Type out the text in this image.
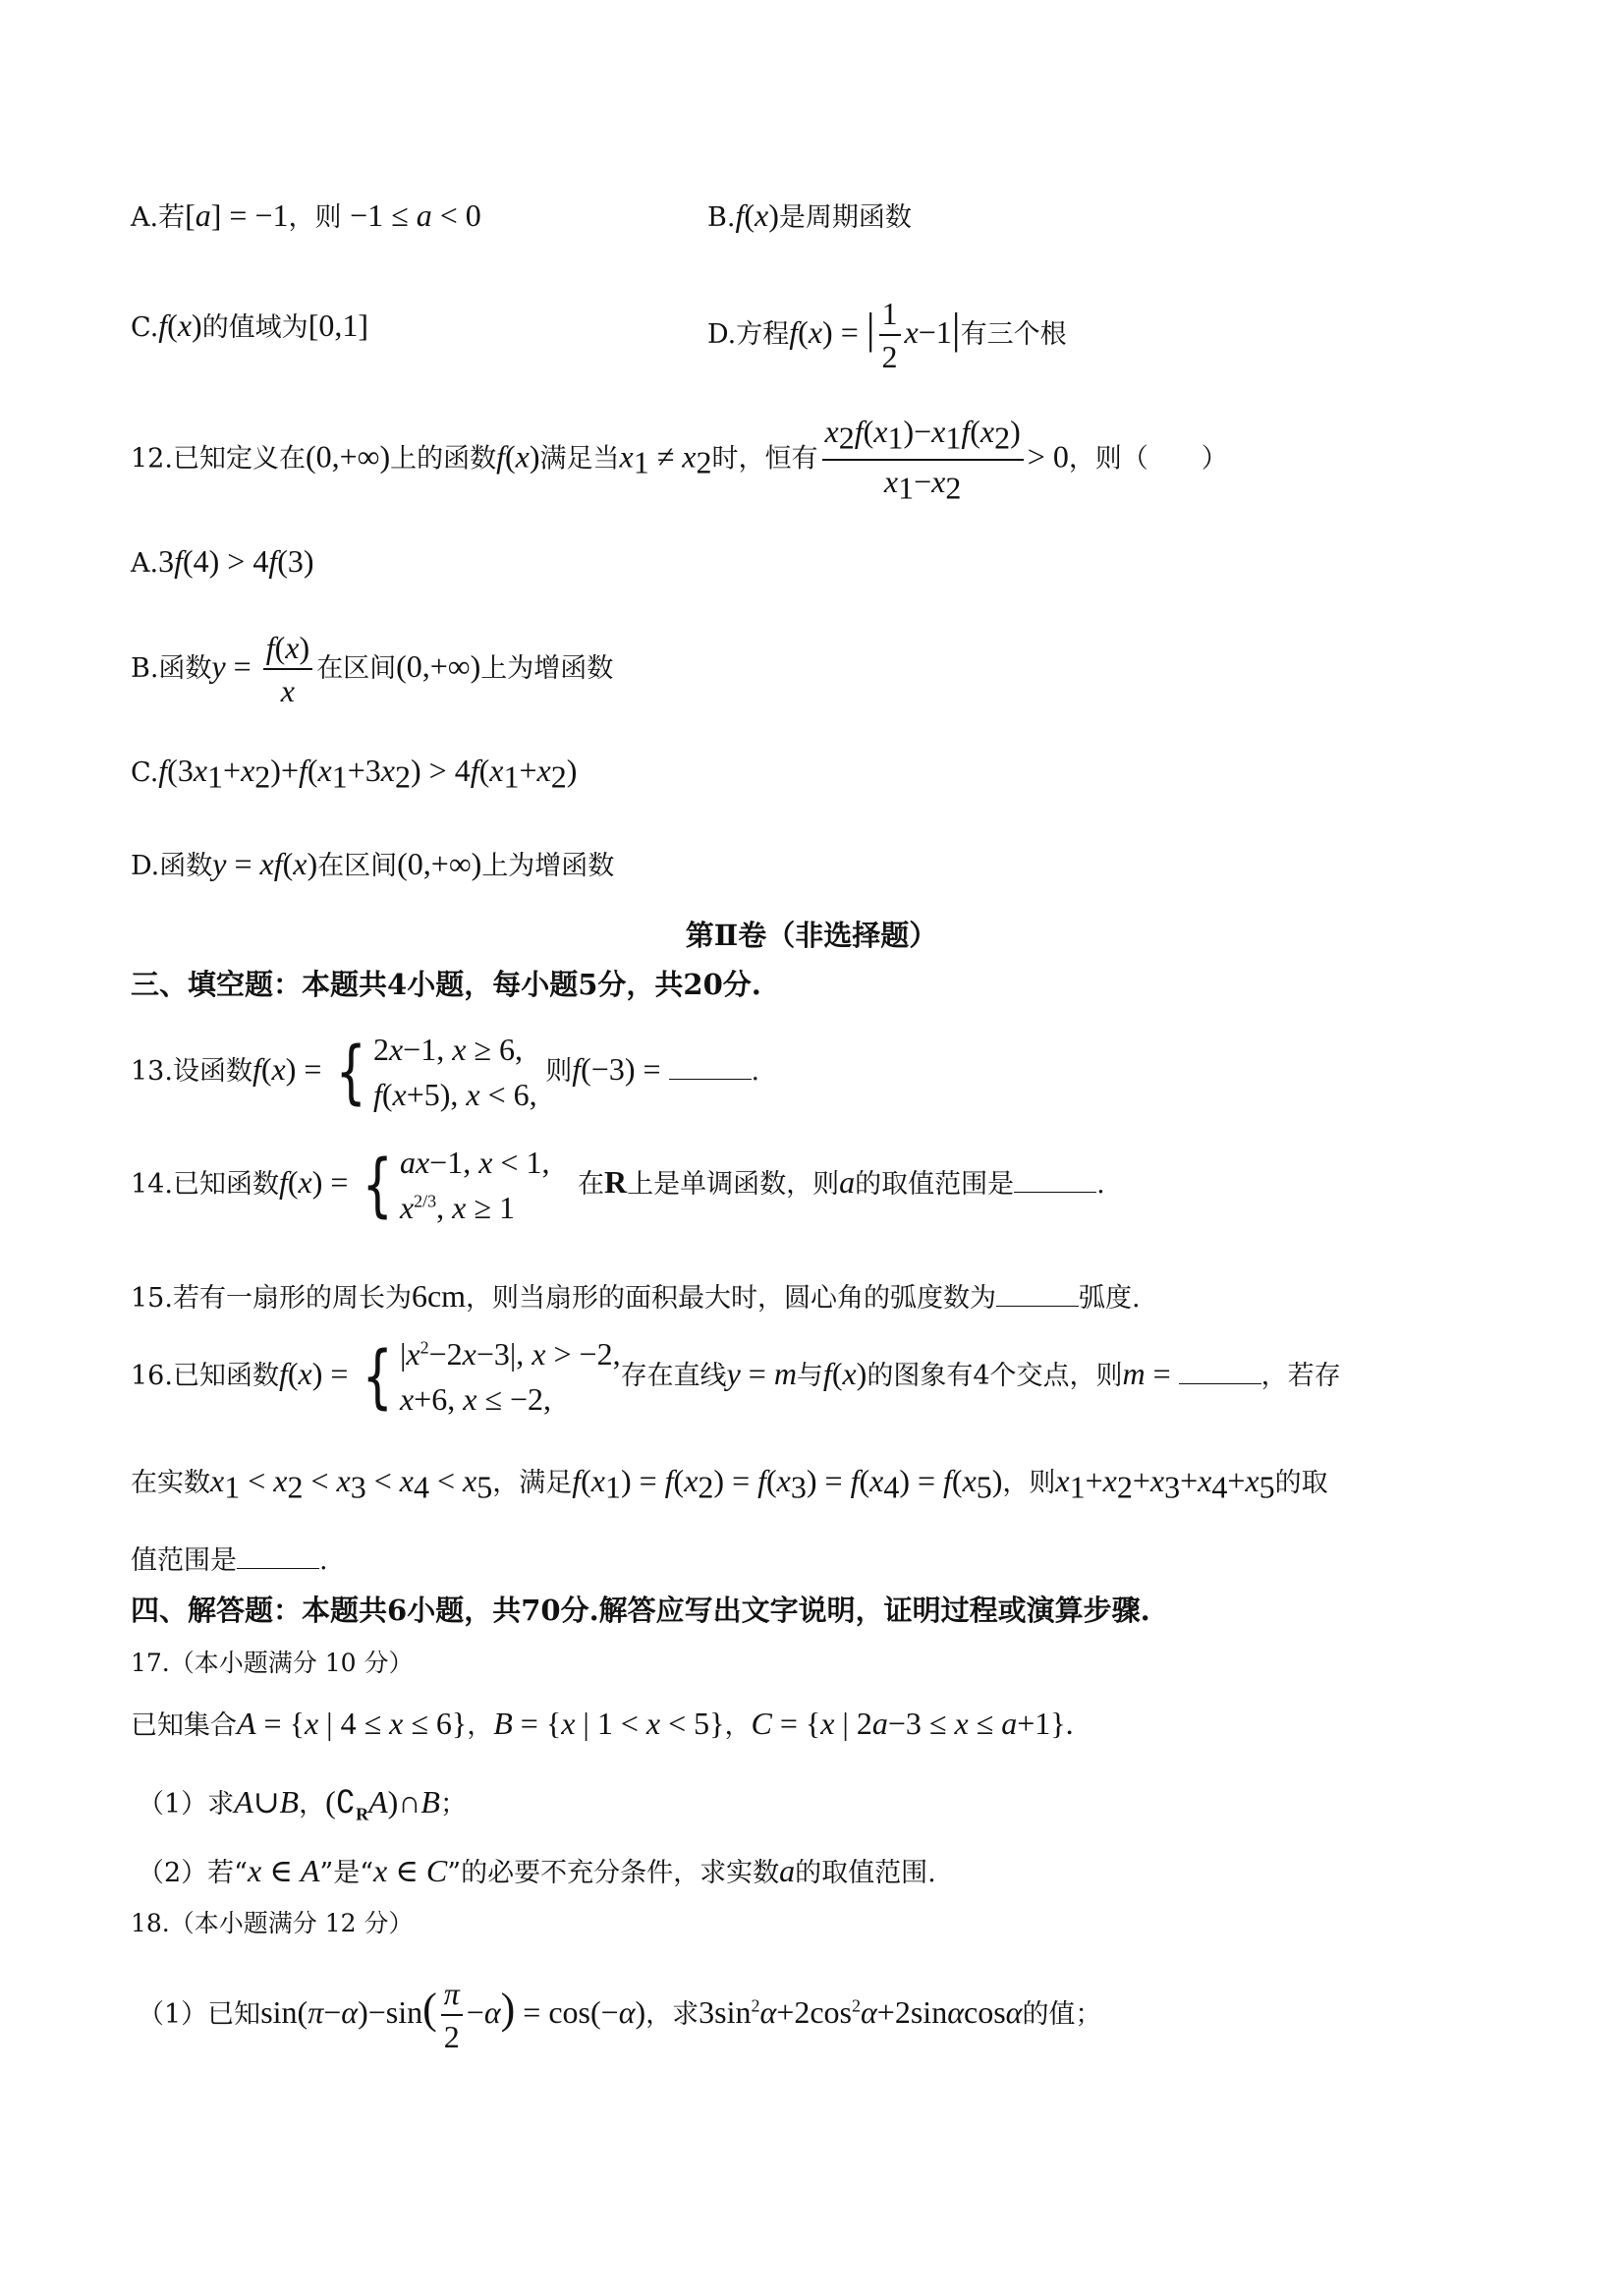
A.若[a] = −1，则 −1 ≤ a < 0	B.f(x)是周期函数
C.f(x)的值域为[0,1]	D.方程f(x) = | $\frac{1}{2} x-1|$有三个根
12.已知定义在(0,+∞)上的函数f(x)满足当$x_1 \ne x_2$时，恒有 $\frac{x_2f(x_1)-x_1f(x_2)}{x_1-x_2} > 0$，则（　　）
A.3f(4) > 4f(3)
B.函数$y = \frac{f(x)}{x}$ 在区间(0,+∞)上为增函数
$C.f(3x_1+x_2)+f(x_1+3x_2) > 4f(x_1+x_2)$
D.函数y = xf(x)在区间(0,+∞)上为增函数
第Ⅱ卷（非选择题）
三、填空题：本题共4小题，每小题5分，共20分.
13.设函数f(x) = { 2x−1, x ≥ 6,
f(x+5), x < 6,
则f(−3) =	.
14.已知函数f(x) = { ax−1, x < 1,
$x^{2/3}$, x ≥ 1
在R上是单调函数，则a的取值范围是	.
15.若有一扇形的周长为6cm，则当扇形的面积最大时，圆心角的弧度数为	弧度.
16.已知函数f(x) = { $|x^2-2x-3|$, x > −2,
x+6, x ≤ −2,
存在直线y = m与f(x)的图象有4个交点，则m =	，若存
在实数$x_1 < x_2 < x_3 < x_4 < x_5$，满足$f(x_1) = f(x_2) = f(x_3) = f(x_4) = f(x_5)$，则$x_1+x_2+x_3+x_4+x_5$的取
值范围是	.
四、解答题：本题共6小题，共70分.解答应写出文字说明，证明过程或演算步骤.
17.（本小题满分 10 分）
已知集合A = {x | 4 ≤ x ≤ 6}，B = {x | 1 < x < 5}，C = {x | 2a−3 ≤ x ≤ a+1}.
（1）求A∪B，$(∁_RA)\cap B$；
（2）若“x ∈ A”是“x ∈ C”的必要不充分条件，求实数a的取值范围.
18.（本小题满分 12 分）
（1）已知$\sin(\pi-\alpha)-\sin( \frac{\pi}{2} -\alpha) = \cos(-\alpha)$，求$3\sin^2\alpha+2\cos^2\alpha+2\sin\alpha\cos\alpha$的值；
